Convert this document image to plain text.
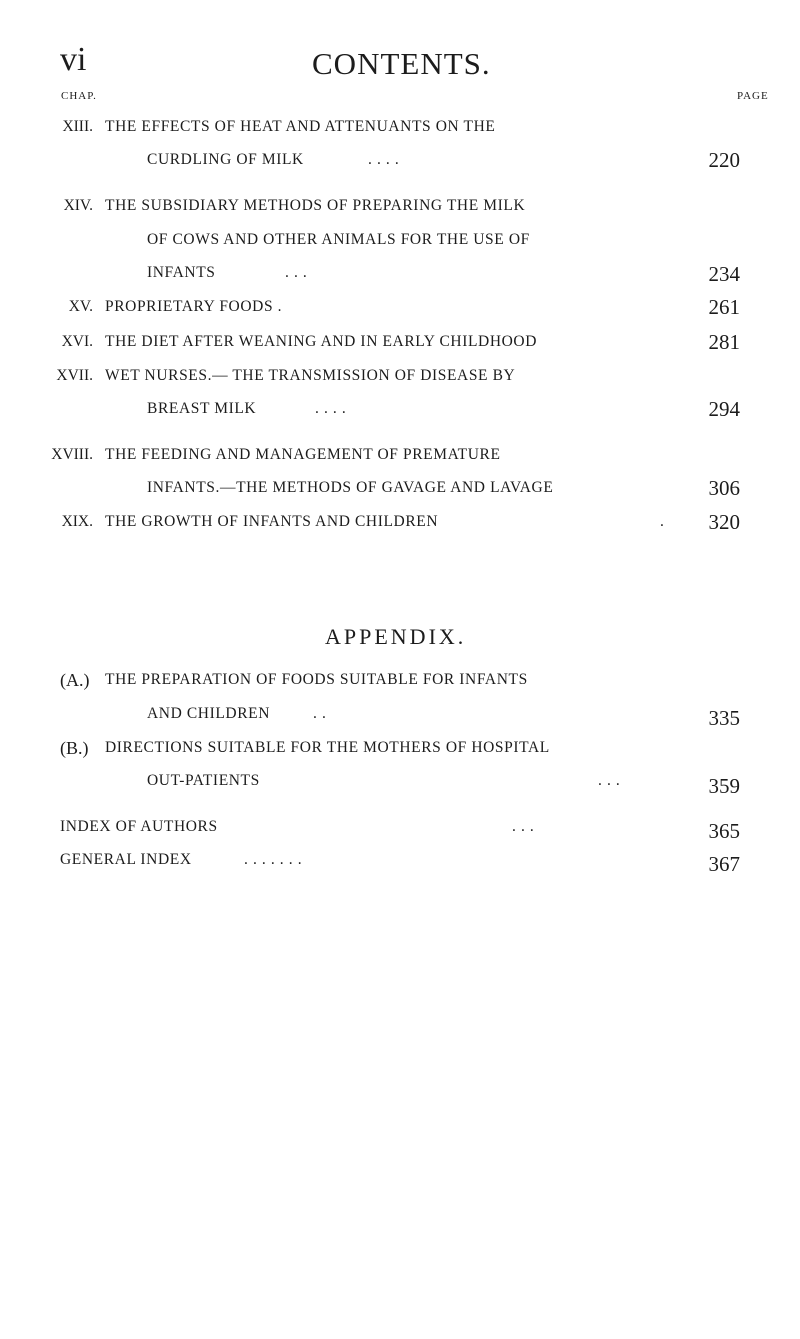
vi	CONTENTS.
CHAP.	PAGE
XIII. THE EFFECTS OF HEAT AND ATTENUANTS ON THE
CURDLING OF MILK	. . . .	220
XIV. THE SUBSIDIARY METHODS OF PREPARING THE MILK
OF COWS AND OTHER ANIMALS FOR THE USE OF
INFANTS	. . .	234
XV. PROPRIETARY FOODS .	261
XVI. THE DIET AFTER WEANING AND IN EARLY CHILDHOOD	281
XVII. WET NURSES.— THE TRANSMISSION OF DISEASE BY
BREAST MILK	. . . .	294
XVIII. THE FEEDING AND MANAGEMENT OF PREMATURE
INFANTS.—THE METHODS OF GAVAGE AND LAVAGE	306
XIX. THE GROWTH OF INFANTS AND CHILDREN	.	320
APPENDIX.
(A.) THE PREPARATION OF FOODS SUITABLE FOR INFANTS
AND CHILDREN	. .	335
(B.) DIRECTIONS SUITABLE FOR THE MOTHERS OF HOSPITAL
OUT-PATIENTS	. . .	359
INDEX OF AUTHORS	. . .	365
GENERAL INDEX	. . . . . . .	367
